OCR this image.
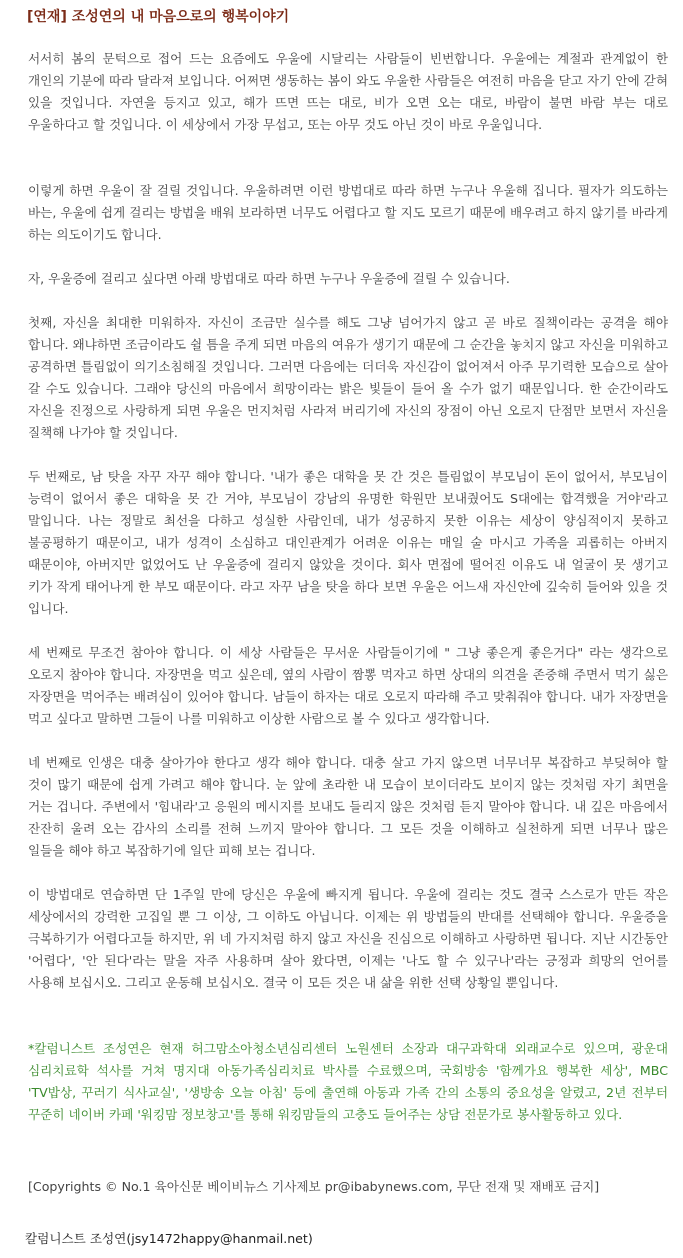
[연재] 조성연의 내 마음으로의 행복이야기

서서히 봄의 문턱으로 접어 드는 요즘에도 우울에 시달리는 사람들이 빈번합니다. 우울에는 계절과 관계없이 한 개인의 기분에 따라 달라져 보입니다. 어쩌면 생동하는 봄이 와도 우울한 사람들은 여전히 마음을 닫고 자기 안에 갇혀 있을 것입니다. 자연을 등지고 있고, 해가 뜨면 뜨는 대로, 비가 오면 오는 대로, 바람이 불면 바람 부는 대로 우울하다고 할 것입니다. 이 세상에서 가장 무섭고, 또는 아무 것도 아닌 것이 바로 우울입니다.

이렇게 하면 우울이 잘 걸릴 것입니다. 우울하려면 이런 방법대로 따라 하면 누구나 우울해 집니다. 필자가 의도하는 바는, 우울에 쉽게 걸리는 방법을 배워 보라하면 너무도 어렵다고 할 지도 모르기 때문에 배우려고 하지 않기를 바라게 하는 의도이기도 합니다.

자, 우울증에 걸리고 싶다면 아래 방법대로 따라 하면 누구나 우울증에 걸릴 수 있습니다.

첫째, 자신을 최대한 미워하자. 자신이 조금만 실수를 해도 그냥 넘어가지 않고 곧 바로 질책이라는 공격을 해야 합니다. 왜냐하면 조금이라도 쉴 틈을 주게 되면 마음의 여유가 생기기 때문에 그 순간을 놓치지 않고 자신을 미워하고 공격하면 틀림없이 의기소침해질 것입니다. 그러면 다음에는 더더욱 자신감이 없어져서 아주 무기력한 모습으로 살아 갈 수도 있습니다. 그래야 당신의 마음에서 희망이라는 밝은 빛들이 들어 올 수가 없기 때문입니다. 한 순간이라도 자신을 진정으로 사랑하게 되면 우울은 먼지처럼 사라져 버리기에 자신의 장점이 아닌 오로지 단점만 보면서 자신을 질책해 나가야 할 것입니다.

두 번째로, 남 탓을 자꾸 자꾸 해야 합니다. '내가 좋은 대학을 못 간 것은 틀림없이 부모님이 돈이 없어서, 부모님이 능력이 없어서 좋은 대학을 못 간 거야, 부모님이 강남의 유명한 학원만 보내줬어도 S대에는 합격했을 거야'라고 말입니다. 나는 정말로 최선을 다하고 성실한 사람인데, 내가 성공하지 못한 이유는 세상이 양심적이지 못하고 불공평하기 때문이고, 내가 성격이 소심하고 대인관계가 어려운 이유는 매일 술 마시고 가족을 괴롭히는 아버지 때문이야, 아버지만 없었어도 난 우울증에 걸리지 않았을 것이다. 회사 면접에 떨어진 이유도 내 얼굴이 못 생기고 키가 작게 태어나게 한 부모 때문이다. 라고 자꾸 남을 탓을 하다 보면 우울은 어느새 자신안에 깊숙히 들어와 있을 것 입니다.

세 번째로 무조건 참아야 합니다. 이 세상 사람들은 무서운 사람들이기에 " 그냥 좋은게 좋은거다" 라는 생각으로 오로지 참아야 합니다. 자장면을 먹고 싶은데, 옆의 사람이 짬뽕 먹자고 하면 상대의 의견을 존중해 주면서 먹기 싫은 자장면을 먹어주는 배려심이 있어야 합니다. 남들이 하자는 대로 오로지 따라해 주고 맞춰줘야 합니다. 내가 자장면을 먹고 싶다고 말하면 그들이 나를 미워하고 이상한 사람으로 볼 수 있다고 생각합니다.

네 번째로 인생은 대충 살아가야 한다고 생각 해야 합니다. 대충 살고 가지 않으면 너무너무 복잡하고 부딪혀야 할 것이 많기 때문에 쉽게 가려고 해야 합니다. 눈 앞에 초라한 내 모습이 보이더라도 보이지 않는 것처럼 자기 최면을 거는 겁니다. 주변에서 '힘내라'고 응원의 메시지를 보내도 들리지 않은 것처럼 듣지 말아야 합니다. 내 깊은 마음에서 잔잔히 울려 오는 감사의 소리를 전혀 느끼지 말아야 합니다. 그 모든 것을 이해하고 실천하게 되면 너무나 많은 일들을 해야 하고 복잡하기에 일단 피해 보는 겁니다.

이 방법대로 연습하면 단 1주일 만에 당신은 우울에 빠지게 됩니다. 우울에 걸리는 것도 결국 스스로가 만든 작은 세상에서의 강력한 고집일 뿐 그 이상, 그 이하도 아닙니다. 이제는 위 방법들의 반대를 선택해야 합니다. 우울증을 극복하기가 어렵다고들 하지만, 위 네 가지처럼 하지 않고 자신을 진심으로 이해하고 사랑하면 됩니다. 지난 시간동안 '어렵다', '안 된다'라는 말을 자주 사용하며 살아 왔다면, 이제는 '나도 할 수 있구나'라는 긍정과 희망의 언어를 사용해 보십시오. 그리고 운동해 보십시오. 결국 이 모든 것은 내 삶을 위한 선택 상황일 뿐입니다.

*칼럼니스트 조성연은 현재 허그맘소아청소년심리센터 노원센터 소장과 대구과학대 외래교수로 있으며, 광운대 심리치료학 석사를 거쳐 명지대 아동가족심리치료 박사를 수료했으며, 국회방송 '함께가요 행복한 세상', MBC 'TV밥상, 꾸러기 식사교실', '생방송 오늘 아침' 등에 출연해 아동과 가족 간의 소통의 중요성을 알렸고, 2년 전부터 꾸준히 네이버 카페 '워킹맘 정보창고'를 통해 워킹맘들의 고충도 들어주는 상담 전문가로 봉사활동하고 있다.

[Copyrights © No.1 육아신문 베이비뉴스 기사제보 pr@ibabynews.com, 무단 전재 및 재배포 금지]
칼럼니스트 조성연(jsy1472happy@hanmail.net)
